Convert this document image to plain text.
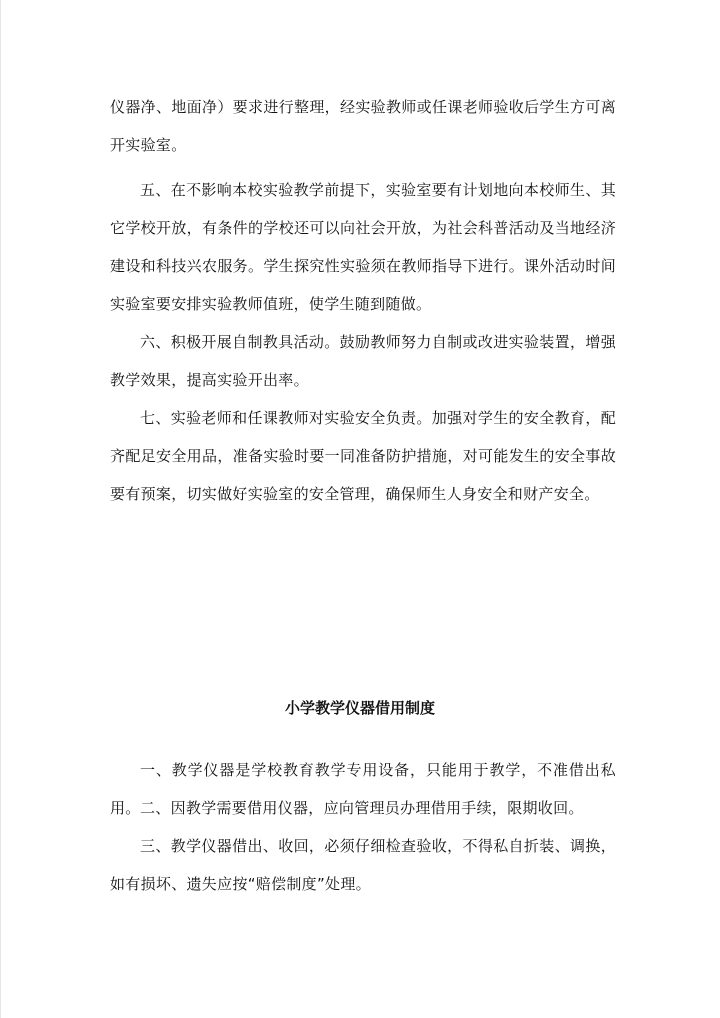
仪器净、地面净）要求进行整理，经实验教师或任课老师验收后学生方可离开实验室。

五、在不影响本校实验教学前提下，实验室要有计划地向本校师生、其它学校开放，有条件的学校还可以向社会开放，为社会科普活动及当地经济建设和科技兴农服务。学生探究性实验须在教师指导下进行。课外活动时间实验室要安排实验教师值班，使学生随到随做。

六、积极开展自制教具活动。鼓励教师努力自制或改进实验装置，增强教学效果，提高实验开出率。

七、实验老师和任课教师对实验安全负责。加强对学生的安全教育，配齐配足安全用品，准备实验时要一同准备防护措施，对可能发生的安全事故要有预案，切实做好实验室的安全管理，确保师生人身安全和财产安全。

小学教学仪器借用制度

一、教学仪器是学校教育教学专用设备，只能用于教学，不准借出私用。 二、因教学需要借用仪器，应向管理员办理借用手续，限期收回。

三、教学仪器借出、收回，必须仔细检查验收，不得私自折装、调换，如有损坏、遗失应按“赔偿制度”处理。
